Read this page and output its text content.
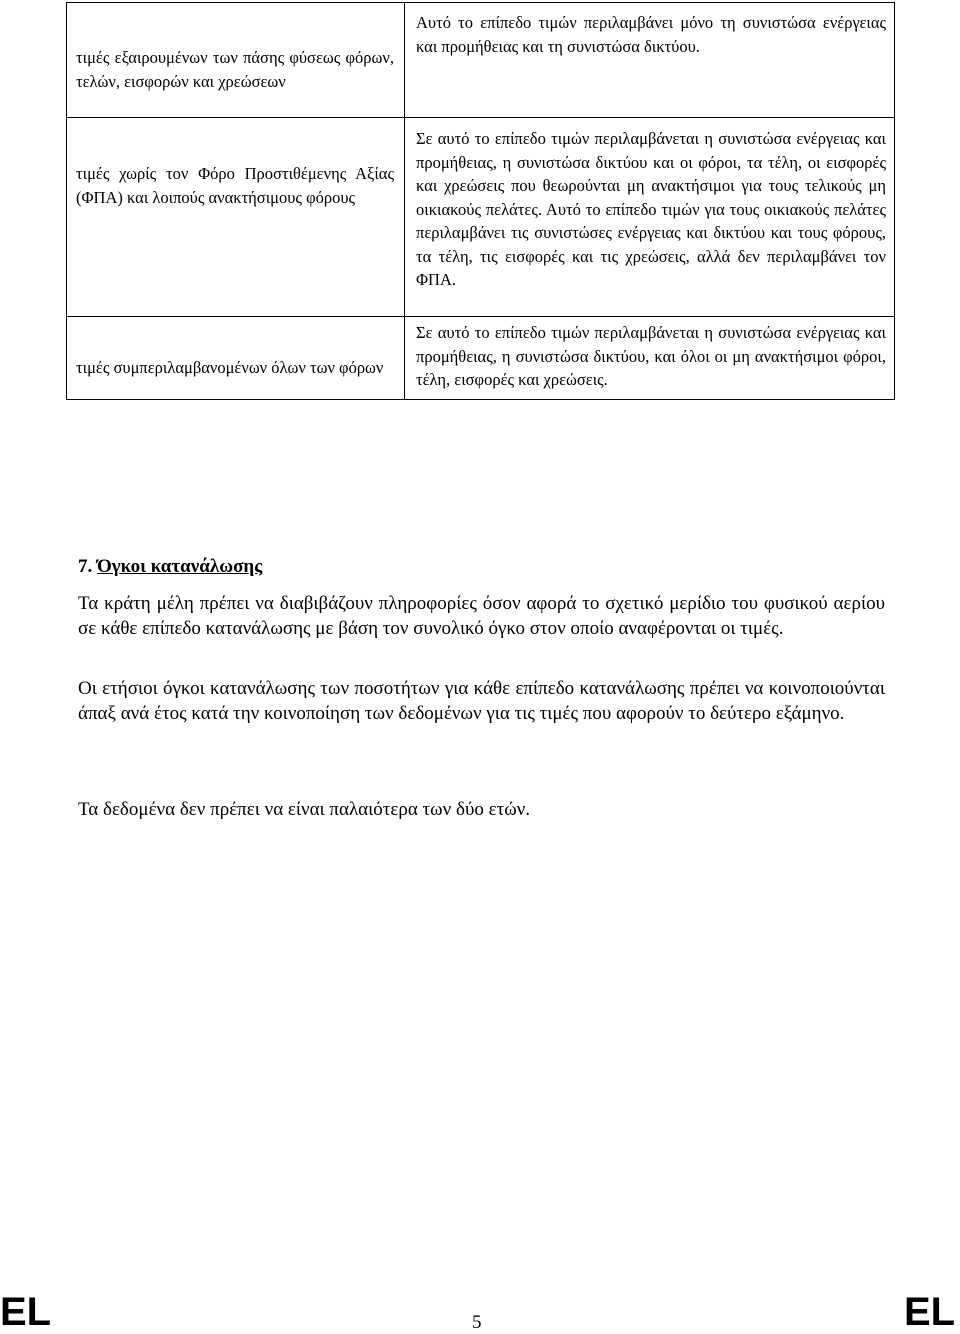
τιμές εξαιρουμένων των πάσης φύσεως φόρων, τελών, εισφορών και χρεώσεων
Αυτό το επίπεδο τιμών περιλαμβάνει μόνο τη συνιστώσα ενέργειας και προμήθειας και τη συνιστώσα δικτύου.
τιμές χωρίς τον Φόρο Προστιθέμενης Αξίας (ΦΠΑ) και λοιπούς ανακτήσιμους φόρους
Σε αυτό το επίπεδο τιμών περιλαμβάνεται η συνιστώσα ενέργειας και προμήθειας, η συνιστώσα δικτύου και οι φόροι, τα τέλη, οι εισφορές και χρεώσεις που θεωρούνται μη ανακτήσιμοι για τους τελικούς μη οικιακούς πελάτες. Αυτό το επίπεδο τιμών για τους οικιακούς πελάτες περιλαμβάνει τις συνιστώσες ενέργειας και δικτύου και τους φόρους, τα τέλη, τις εισφορές και τις χρεώσεις, αλλά δεν περιλαμβάνει τον ΦΠΑ.
τιμές συμπεριλαμβανομένων όλων των φόρων
Σε αυτό το επίπεδο τιμών περιλαμβάνεται η συνιστώσα ενέργειας και προμήθειας, η συνιστώσα δικτύου, και όλοι οι μη ανακτήσιμοι φόροι, τέλη, εισφορές και χρεώσεις.
7. Όγκοι κατανάλωσης
Τα κράτη μέλη πρέπει να διαβιβάζουν πληροφορίες όσον αφορά το σχετικό μερίδιο του φυσικού αερίου σε κάθε επίπεδο κατανάλωσης με βάση τον συνολικό όγκο στον οποίο αναφέρονται οι τιμές.
Οι ετήσιοι όγκοι κατανάλωσης των ποσοτήτων για κάθε επίπεδο κατανάλωσης πρέπει να κοινοποιούνται άπαξ ανά έτος κατά την κοινοποίηση των δεδομένων για τις τιμές που αφορούν το δεύτερο εξάμηνο.
Τα δεδομένα δεν πρέπει να είναι παλαιότερα των δύο ετών.
EL	5	EL
